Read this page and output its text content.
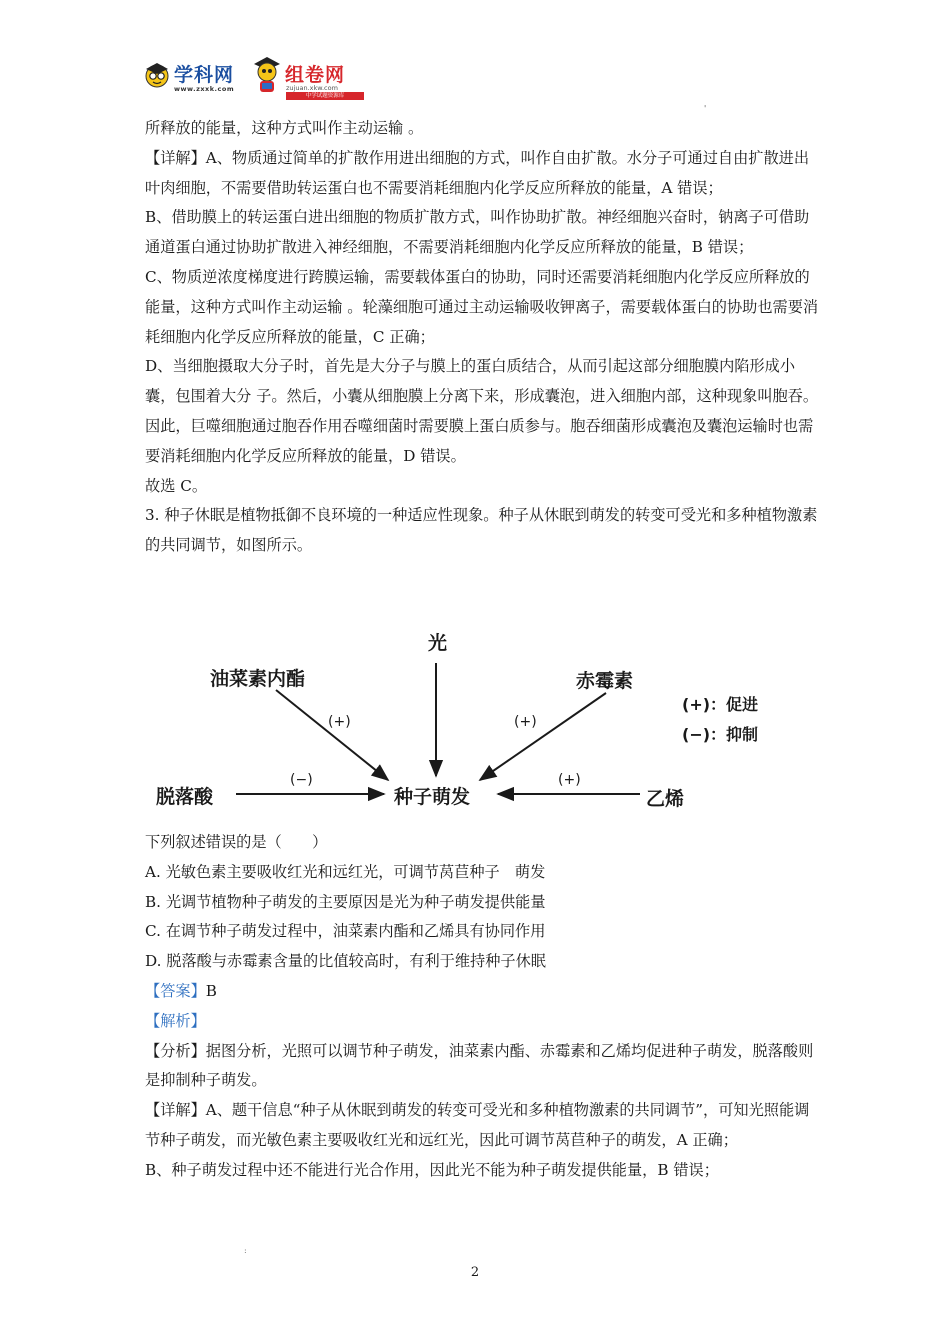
学科网
www.zxxk.com
组卷网
zujuan.xkw.com
中学试题资源库
'

所释放的能量，这种方式叫作主动运输 。

【详解】A、物质通过简单的扩散作用进出细胞的方式，叫作自由扩散。水分子可通过自由扩散进出叶肉细胞，不需要借助转运蛋白也不需要消耗细胞内化学反应所释放的能量，A 错误；

B、借助膜上的转运蛋白进出细胞的物质扩散方式，叫作协助扩散。神经细胞兴奋时，钠离子可借助通道蛋白通过协助扩散进入神经细胞，不需要消耗细胞内化学反应所释放的能量，B 错误；

C、物质逆浓度梯度进行跨膜运输，需要载体蛋白的协助，同时还需要消耗细胞内化学反应所释放的能量，这种方式叫作主动运输 。轮藻细胞可通过主动运输吸收钾离子，需要载体蛋白的协助也需要消耗细胞内化学反应所释放的能量，C 正确；

D、当细胞摄取大分子时，首先是大分子与膜上的蛋白质结合，从而引起这部分细胞膜内陷形成小囊，包围着大分 子。然后，小囊从细胞膜上分离下来，形成囊泡，进入细胞内部，这种现象叫胞吞。因此，巨噬细胞通过胞吞作用吞噬细菌时需要膜上蛋白质参与。胞吞细菌形成囊泡及囊泡运输时也需要消耗细胞内化学反应所释放的能量，D 错误。

故选 C。

3. 种子休眠是植物抵御不良环境的一种适应性现象。种子从休眠到萌发的转变可受光和多种植物激素的共同调节，如图所示。

光
油菜素内酯	赤霉素
脱落酸	种子萌发	乙烯
(+)	(+)
(−)	(+)
(+)：促进
(−)：抑制

下列叙述错误的是（　　）

A. 光敏色素主要吸收红光和远红光，可调节莴苣种子　萌发

B. 光调节植物种子萌发的主要原因是光为种子萌发提供能量

C. 在调节种子萌发过程中，油菜素内酯和乙烯具有协同作用

D. 脱落酸与赤霉素含量的比值较高时，有利于维持种子休眠

【答案】B

【解析】

【分析】据图分析，光照可以调节种子萌发，油菜素内酯、赤霉素和乙烯均促进种子萌发，脱落酸则是抑制种子萌发。

【详解】A、题干信息“种子从休眠到萌发的转变可受光和多种植物激素的共同调节”，可知光照能调节种子萌发，而光敏色素主要吸收红光和远红光，因此可调节莴苣种子的萌发，A 正确；

B、种子萌发过程中还不能进行光合作用，因此光不能为种子萌发提供能量，B 错误；

:
2
